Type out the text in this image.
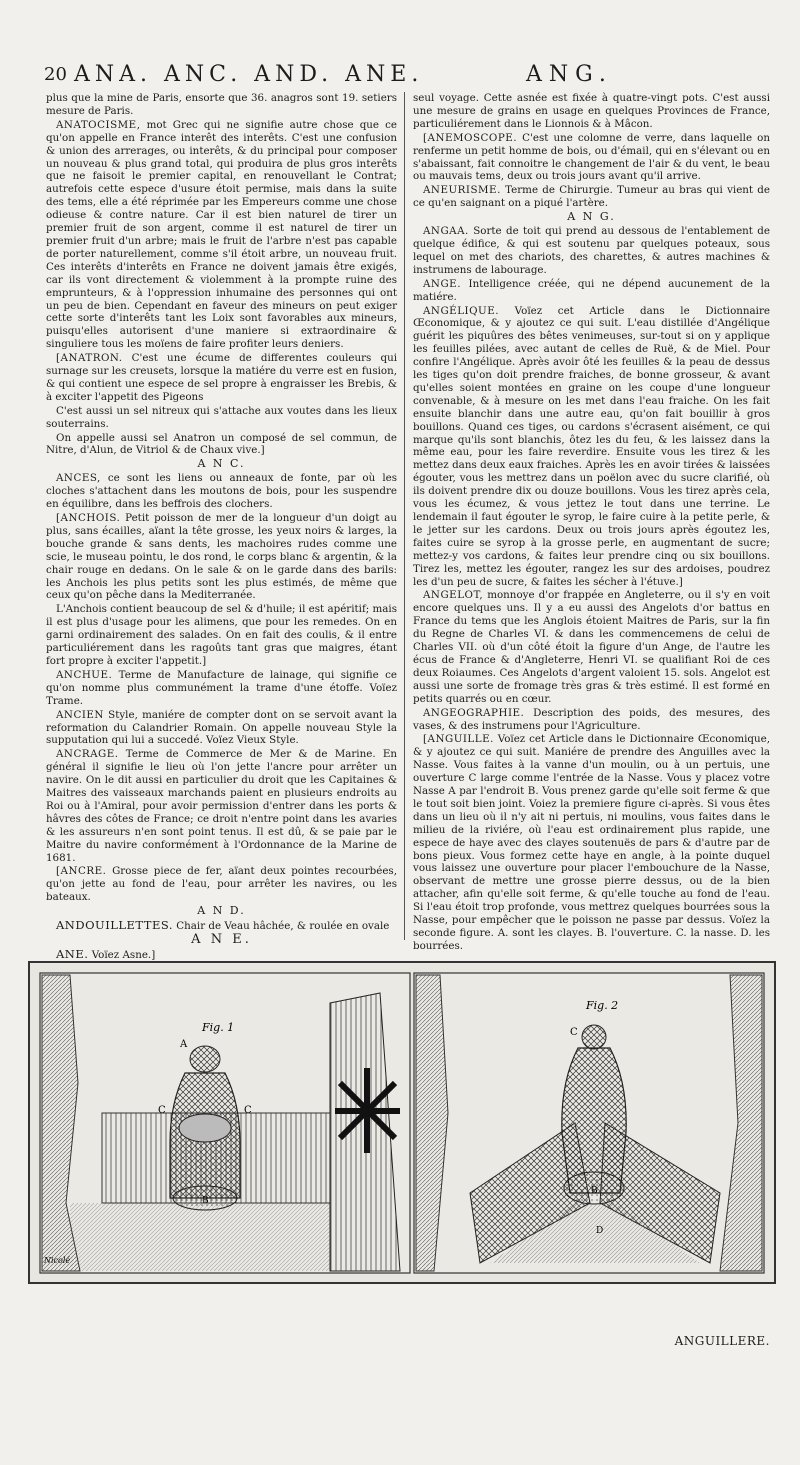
20 ANA. ANC. AND. ANE.	ANG.

plus que la mine de Paris, ensorte que 36. anagros sont 19. setiers mesure de Paris.

ANATOCISME, mot Grec qui ne signifie autre chose que ce qu'on appelle en France interêt des interêts. C'est une confusion & union des arrerages, ou interêts, & du principal pour composer un nouveau & plus grand total, qui produira de plus gros interêts que ne faisoit le premier capital, en renouvellant le Contrat; autrefois cette espece d'usure étoit permise, mais dans la suite des tems, elle a été réprimée par les Empereurs comme une chose odieuse & contre nature. Car il est bien naturel de tirer un premier fruit de son argent, comme il est naturel de tirer un premier fruit d'un arbre; mais le fruit de l'arbre n'est pas capable de porter naturellement, comme s'il étoit arbre, un nouveau fruit. Ces interêts d'interêts en France ne doivent jamais être exigés, car ils vont directement & violemment à la prompte ruine des emprunteurs, & à l'oppression inhumaine des personnes qui ont un peu de bien. Cependant en faveur des mineurs on peut exiger cette sorte d'interêts tant les Loix sont favorables aux mineurs, puisqu'elles autorisent d'une maniere si extraordinaire & singuliere tous les moïens de faire profiter leurs deniers.

[ANATRON. C'est une écume de differentes couleurs qui surnage sur les creusets, lorsque la matiére du verre est en fusion, & qui contient une espece de sel propre à engraisser les Brebis, & à exciter l'appetit des Pigeons

C'est aussi un sel nitreux qui s'attache aux voutes dans les lieux souterrains.

On appelle aussi sel Anatron un composé de sel commun, de Nitre, d'Alun, de Vitriol & de Chaux vive.]

A N C.

ANCES, ce sont les liens ou anneaux de fonte, par où les cloches s'attachent dans les moutons de bois, pour les suspendre en équilibre, dans les beffrois des clochers.

[ANCHOIS. Petit poisson de mer de la longueur d'un doigt au plus, sans écailles, aïant la tête grosse, les yeux noirs & larges, la bouche grande & sans dents, les machoires rudes comme une scie, le museau pointu, le dos rond, le corps blanc & argentin, & la chair rouge en dedans. On le sale & on le garde dans des barils: les Anchois les plus petits sont les plus estimés, de même que ceux qu'on pêche dans la Mediterranée.

L'Anchois contient beaucoup de sel & d'huile; il est apéritif; mais il est plus d'usage pour les alimens, que pour les remedes. On en garni ordinairement des salades. On en fait des coulis, & il entre particuliérement dans les ragoûts tant gras que maigres, étant fort propre à exciter l'appetit.]

ANCHUE. Terme de Manufacture de lainage, qui signifie ce qu'on nomme plus communément la trame d'une étoffe. Voïez Trame.

ANCIEN Style, maniére de compter dont on se servoit avant la reformation du Calandrier Romain. On appelle nouveau Style la supputation qui lui a succedé. Voïez Vieux Style.

ANCRAGE. Terme de Commerce de Mer & de Marine. En général il signifie le lieu où l'on jette l'ancre pour arrêter un navire. On le dit aussi en particulier du droit que les Capitaines & Maitres des vaisseaux marchands paient en plusieurs endroits au Roi ou à l'Amiral, pour avoir permission d'entrer dans les ports & hâvres des côtes de France; ce droit n'entre point dans les avaries & les assureurs n'en sont point tenus. Il est dû, & se paie par le Maitre du navire conformément à l'Ordonnance de la Marine de 1681.

[ANCRE. Grosse piece de fer, aïant deux pointes recourbées, qu'on jette au fond de l'eau, pour arrêter les navires, ou les bateaux.

A N D.

ANDOUILLETTES. Chair de Veau hâchée, & roulée en ovale

A N E.

ANE. Voïez Asne.]

seul voyage. Cette asnée est fixée à quatre-vingt pots. C'est aussi une mesure de grains en usage en quelques Provinces de France, particuliérement dans le Lionnois & à Mâcon.

[ANEMOSCOPE. C'est une colomne de verre, dans laquelle on renferme un petit homme de bois, ou d'émail, qui en s'élevant ou en s'abaissant, fait connoitre le changement de l'air & du vent, le beau ou mauvais tems, deux ou trois jours avant qu'il arrive.

ANEURISME. Terme de Chirurgie. Tumeur au bras qui vient de ce qu'en saignant on a piqué l'artère.

A N G.

ANGAA. Sorte de toit qui prend au dessous de l'entablement de quelque édifice, & qui est soutenu par quelques poteaux, sous lequel on met des chariots, des charettes, & autres machines & instrumens de labourage.

ANGE. Intelligence créée, qui ne dépend aucunement de la matiére.

ANGÉLIQUE. Voïez cet Article dans le Dictionnaire Œconomique, & y ajoutez ce qui suit. L'eau distillée d'Angélique guérit les piquûres des bêtes venimeuses, sur-tout si on y applique les feuilles pilées, avec autant de celles de Ruë, & de Miel. Pour confire l'Angélique. Après avoir ôté les feuilles & la peau de dessus les tiges qu'on doit prendre fraiches, de bonne grosseur, & avant qu'elles soient montées en graine on les coupe d'une longueur convenable, & à mesure on les met dans l'eau fraiche. On les fait ensuite blanchir dans une autre eau, qu'on fait bouillir à gros bouillons. Quand ces tiges, ou cardons s'écrasent aisément, ce qui marque qu'ils sont blanchis, ôtez les du feu, & les laissez dans la même eau, pour les faire reverdire. Ensuite vous les tirez & les mettez dans deux eaux fraiches. Après les en avoir tirées & laissées égouter, vous les mettrez dans un poëlon avec du sucre clarifié, où ils doivent prendre dix ou douze bouillons. Vous les tirez après cela, vous les écumez, & vous jettez le tout dans une terrine. Le lendemain il faut égouter le syrop, le faire cuire à la petite perle, & le jetter sur les cardons. Deux ou trois jours après égoutez les, faites cuire se syrop à la grosse perle, en augmentant de sucre; mettez-y vos cardons, & faites leur prendre cinq ou six bouillons. Tirez les, mettez les égouter, rangez les sur des ardoises, poudrez les d'un peu de sucre, & faites les sécher à l'étuve.]

ANGELOT, monnoye d'or frappée en Angleterre, ou il s'y en voit encore quelques uns. Il y a eu aussi des Angelots d'or battus en France du tems que les Anglois étoient Maitres de Paris, sur la fin du Regne de Charles VI. & dans les commencemens de celui de Charles VII. où d'un côté étoit la figure d'un Ange, de l'autre les écus de France & d'Angleterre, Henri VI. se qualifiant Roi de ces deux Roiaumes. Ces Angelots d'argent valoient 15. sols. Angelot est aussi une sorte de fromage très gras & très estimé. Il est formé en petits quarrés ou en cœur.

ANGEOGRAPHIE. Description des poids, des mesures, des vases, & des instrumens pour l'Agriculture.

[ANGUILLE. Voïez cet Article dans le Dictionnaire Œconomique, & y ajoutez ce qui suit. Maniére de prendre des Anguilles avec la Nasse. Vous faites à la vanne d'un moulin, ou à un pertuis, une ouverture C large comme l'entrée de la Nasse. Vous y placez votre Nasse A par l'endroit B. Vous prenez garde qu'elle soit ferme & que le tout soit bien joint. Voiez la premiere figure ci-après. Si vous êtes dans un lieu où il n'y ait ni pertuis, ni moulins, vous faites dans le milieu de la riviére, où l'eau est ordinairement plus rapide, une espece de haye avec des clayes soutenuës de pars & d'autre par de bons pieux. Vous formez cette haye en angle, à la pointe duquel vous laissez une ouverture pour placer l'embouchure de la Nasse, observant de mettre une grosse pierre dessus, ou de la bien attacher, afin qu'elle soit ferme, & qu'elle touche au fond de l'eau. Si l'eau étoit trop profonde, vous mettrez quelques bourrées sous la Nasse, pour empêcher que le poisson ne passe par dessus. Voïez la seconde figure. A. sont les clayes. B. l'ouverture. C. la nasse. D. les bourrées.

Fig. 1
A
C	C
B
Nicolé
Fig. 2
C
B
D
ANGUILLERE.
